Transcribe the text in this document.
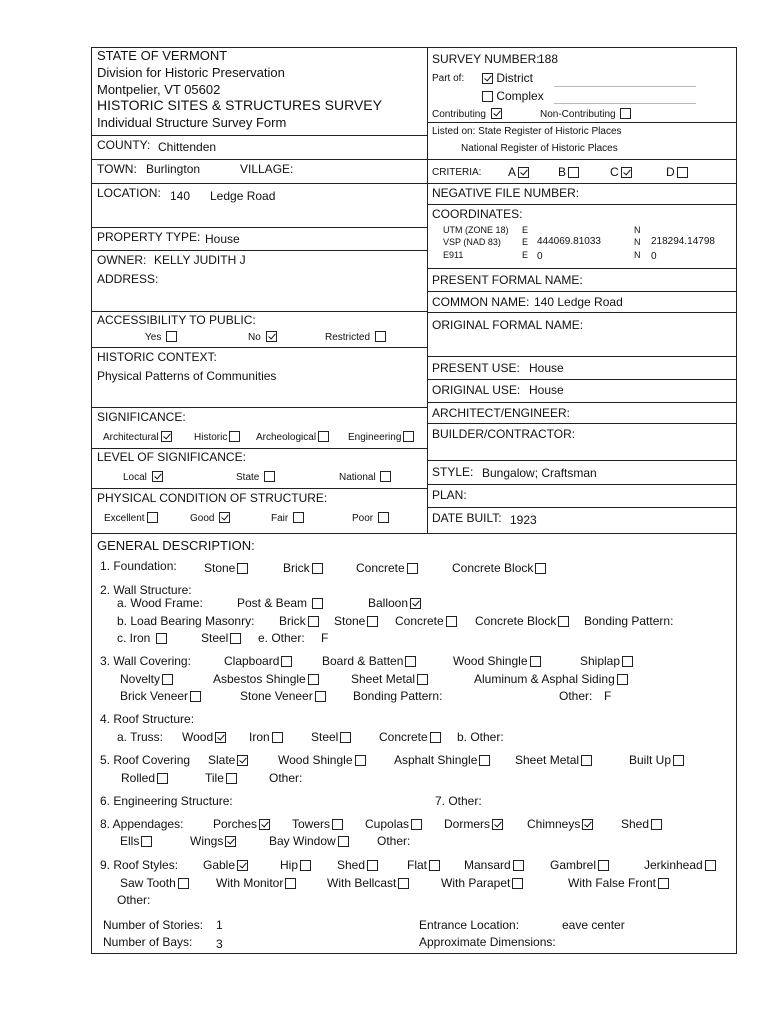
STATE OF VERMONT
Division for Historic Preservation
Montpelier, VT 05602
HISTORIC SITES & STRUCTURES SURVEY
Individual Structure Survey Form
SURVEY NUMBER:
188
Part of:	District
Complex
Contributing	Non-Contributing
Listed on: State Register of Historic Places
National Register of Historic Places
COUNTY: Chittenden
TOWN: Burlington	VILLAGE:	CRITERIA: A	B	C	D
LOCATION: 140 Ledge Road	NEGATIVE FILE NUMBER:
COORDINATES:
UTM (ZONE 18) E	N
VSP (NAD 83) E 444069.81033	N 218294.14798
E911	E 0	N 0
PROPERTY TYPE: House
OWNER: KELLY JUDITH J
ADDRESS:	PRESENT FORMAL NAME:
COMMON NAME: 140 Ledge Road
ORIGINAL FORMAL NAME:
ACCESSIBILITY TO PUBLIC:
Yes	No	Restricted
HISTORIC CONTEXT:
Physical Patterns of Communities
PRESENT USE: House
ORIGINAL USE: House
ARCHITECT/ENGINEER:
BUILDER/CONTRACTOR:
SIGNIFICANCE:
Architectural	Historic	Archeological	Engineering
LEVEL OF SIGNIFICANCE:
Local	State	National	STYLE: Bungalow; Craftsman
PLAN:
PHYSICAL CONDITION OF STRUCTURE:
Excellent	Good	Fair	Poor	DATE BUILT: 1923
GENERAL DESCRIPTION:
1. Foundation: Stone	Brick	Concrete	Concrete Block
2. Wall Structure:
a. Wood Frame:	Post & Beam	Balloon
b. Load Bearing Masonry: Brick	Stone	Concrete	Concrete Block	Bonding Pattern:
c. Iron	Steel	e. Other: F
3. Wall Covering:	Clapboard	Board & Batten	Wood Shingle	Shiplap
Novelty	Asbestos Shingle	Sheet Metal	Aluminum & Asphal Siding
Brick Veneer	Stone Veneer	Bonding Pattern:	Other: F
4. Roof Structure:
a. Truss: Wood	Iron	Steel	Concrete	b. Other:
5. Roof Covering Slate	Wood Shingle	Asphalt Shingle	Sheet Metal	Built Up
Rolled	Tile	Other:
6. Engineering Structure:	7. Other:
8. Appendages: Porches	Towers	Cupolas	Dormers	Chimneys	Shed
Ells	Wings	Bay Window	Other:
9. Roof Styles: Gable	Hip	Shed	Flat	Mansard	Gambrel	Jerkinhead
Saw Tooth	With Monitor	With Bellcast	With Parapet	With False Front
Other:
Number of Stories: 1
Number of Bays: 3
Entrance Location:	eave center
Approximate Dimensions:
